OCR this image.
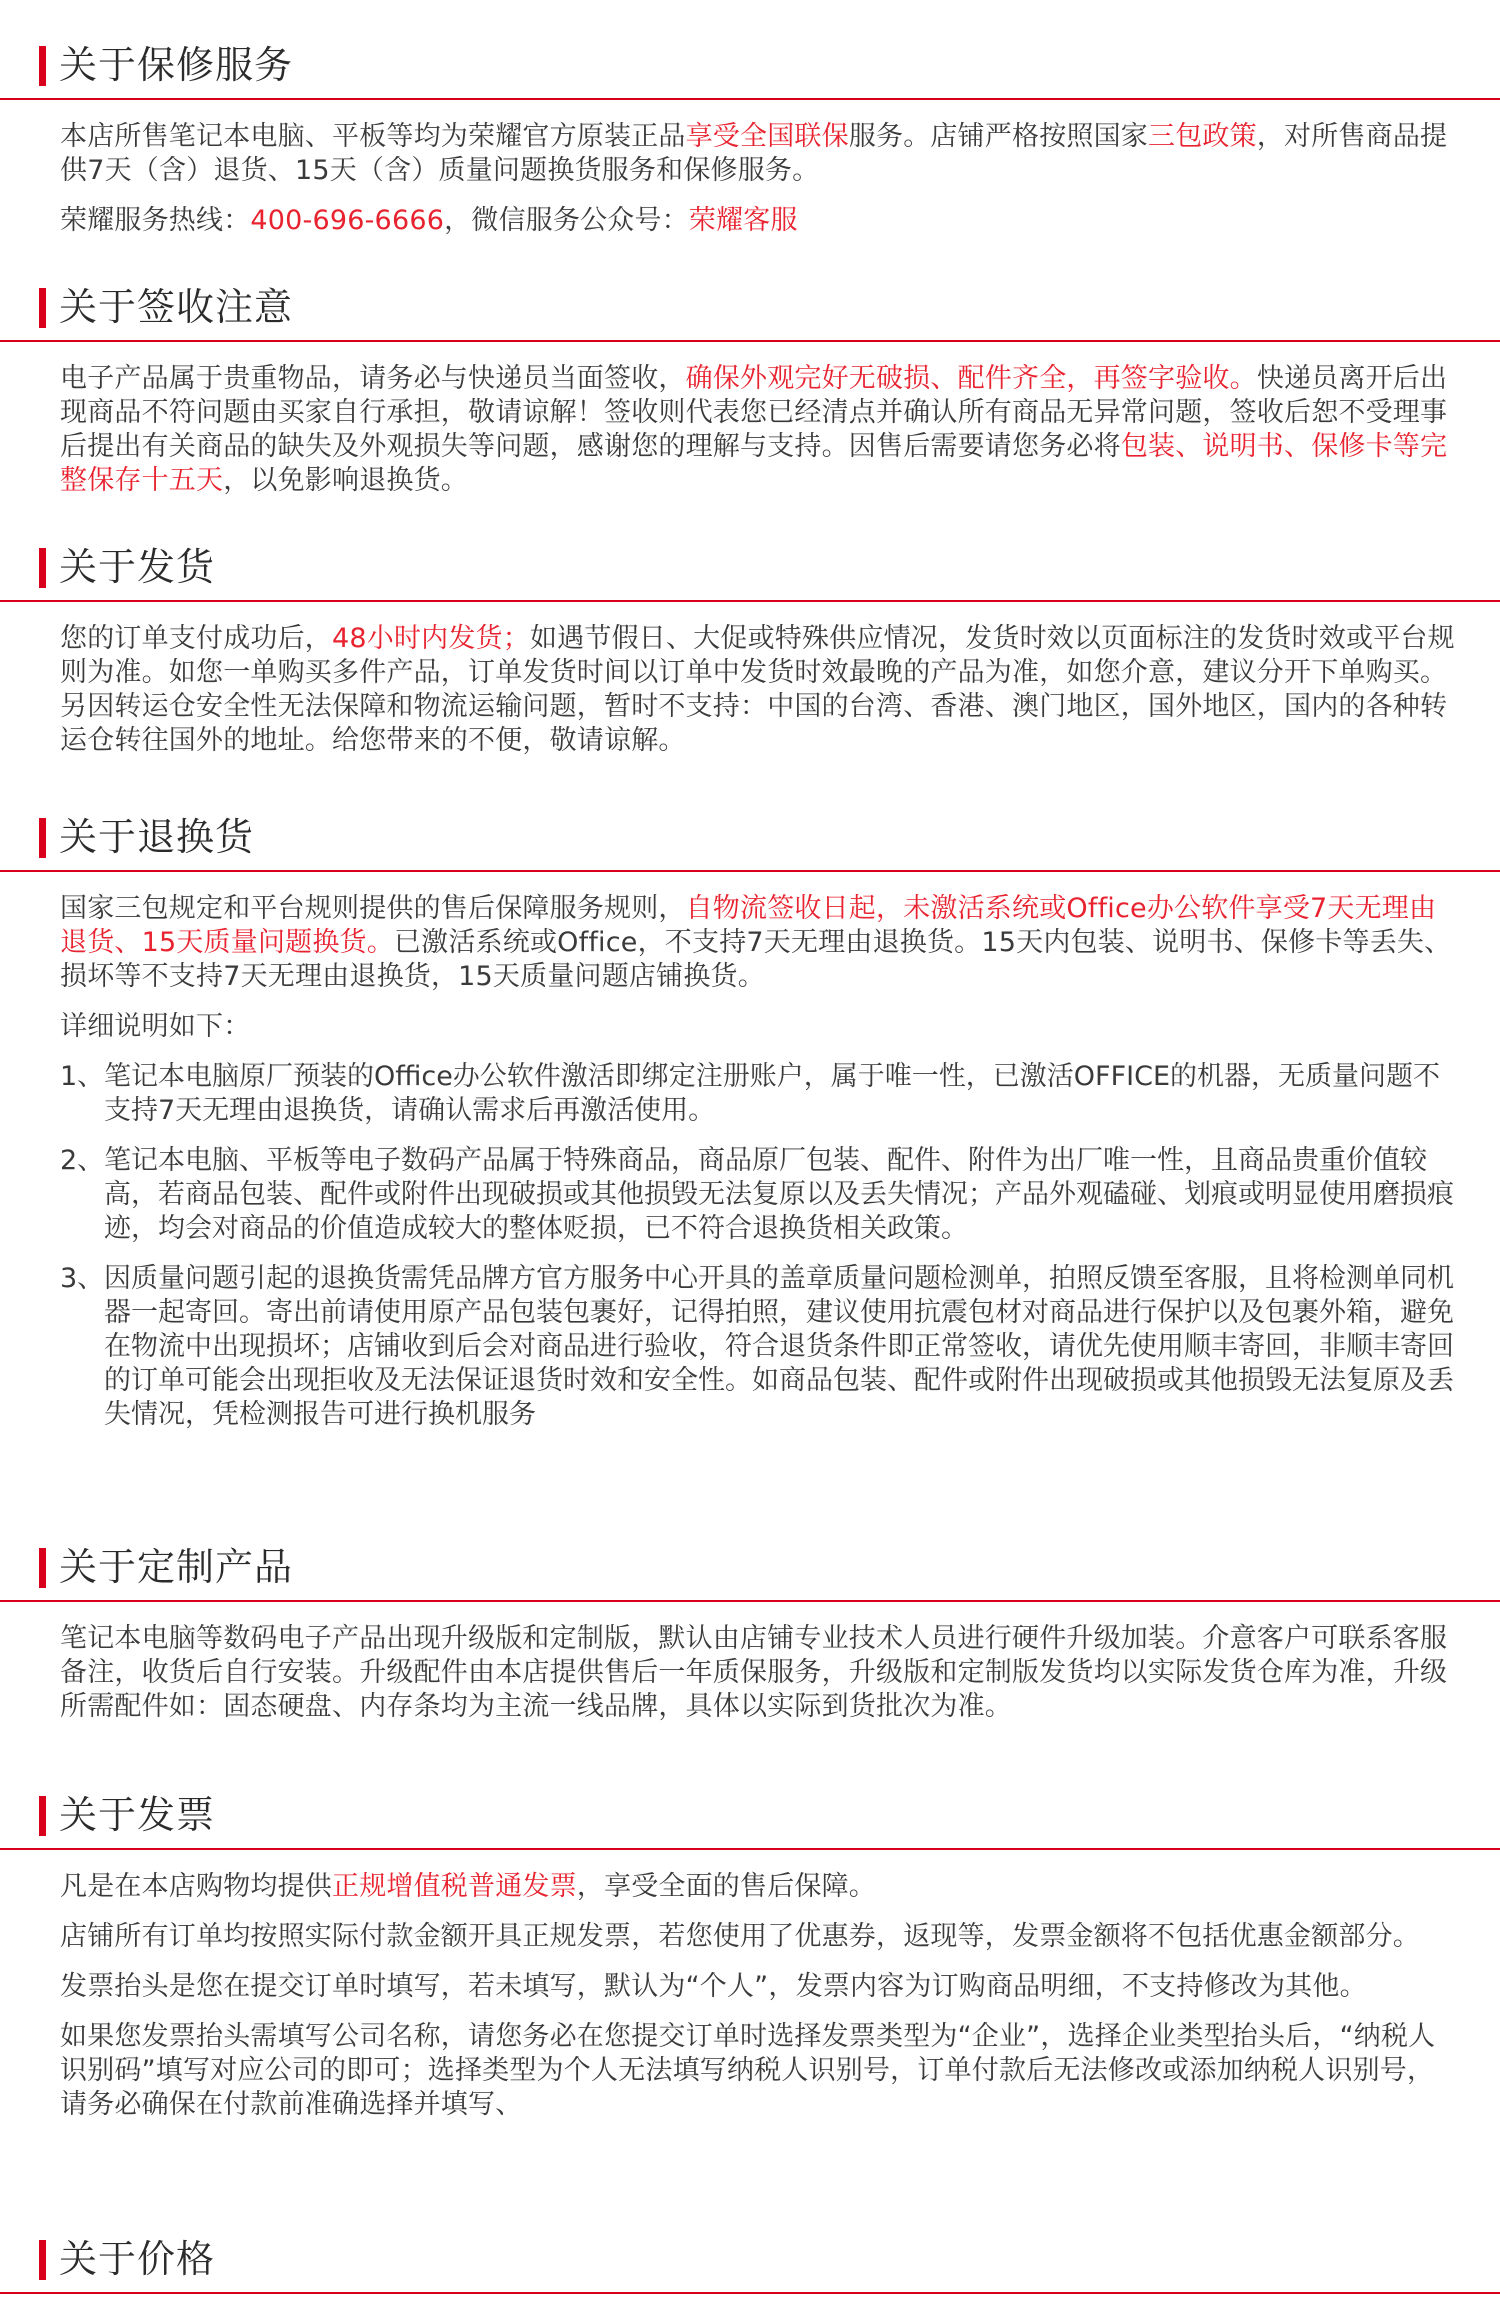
关于保修服务

本店所售笔记本电脑、平板等均为荣耀官方原装正品享受全国联保服务。店铺严格按照国家三包政策，对所售商品提供7天（含）退货、15天（含）质量问题换货服务和保修服务。

荣耀服务热线：400-696-6666，微信服务公众号：荣耀客服

关于签收注意

电子产品属于贵重物品，请务必与快递员当面签收，确保外观完好无破损、配件齐全，再签字验收。快递员离开后出现商品不符问题由买家自行承担，敬请谅解！签收则代表您已经清点并确认所有商品无异常问题，签收后恕不受理事后提出有关商品的缺失及外观损失等问题，感谢您的理解与支持。因售后需要请您务必将包装、说明书、保修卡等完整保存十五天，以免影响退换货。

关于发货

您的订单支付成功后，48小时内发货；如遇节假日、大促或特殊供应情况，发货时效以页面标注的发货时效或平台规则为准。如您一单购买多件产品，订单发货时间以订单中发货时效最晚的产品为准，如您介意，建议分开下单购买。另因转运仓安全性无法保障和物流运输问题，暂时不支持：中国的台湾、香港、澳门地区，国外地区，国内的各种转运仓转往国外的地址。给您带来的不便，敬请谅解。

关于退换货

国家三包规定和平台规则提供的售后保障服务规则，自物流签收日起，未激活系统或Office办公软件享受7天无理由退货、15天质量问题换货。已激活系统或Office，不支持7天无理由退换货。15天内包装、说明书、保修卡等丢失、损坏等不支持7天无理由退换货，15天质量问题店铺换货。

详细说明如下：

1、 笔记本电脑原厂预装的Office办公软件激活即绑定注册账户，属于唯一性，已激活OFFICE的机器，无质量问题不支持7天无理由退换货，请确认需求后再激活使用。
2、 笔记本电脑、平板等电子数码产品属于特殊商品，商品原厂包装、配件、附件为出厂唯一性，且商品贵重价值较高，若商品包装、配件或附件出现破损或其他损毁无法复原以及丢失情况；产品外观磕碰、划痕或明显使用磨损痕迹，均会对商品的价值造成较大的整体贬损，已不符合退换货相关政策。
3、 因质量问题引起的退换货需凭品牌方官方服务中心开具的盖章质量问题检测单，拍照反馈至客服，且将检测单同机器一起寄回。寄出前请使用原产品包装包裹好，记得拍照，建议使用抗震包材对商品进行保护以及包裹外箱，避免在物流中出现损坏；店铺收到后会对商品进行验收，符合退货条件即正常签收，请优先使用顺丰寄回，非顺丰寄回的订单可能会出现拒收及无法保证退货时效和安全性。如商品包装、配件或附件出现破损或其他损毁无法复原及丢失情况，凭检测报告可进行换机服务
关于定制产品

笔记本电脑等数码电子产品出现升级版和定制版，默认由店铺专业技术人员进行硬件升级加装。介意客户可联系客服备注，收货后自行安装。升级配件由本店提供售后一年质保服务，升级版和定制版发货均以实际发货仓库为准，升级所需配件如：固态硬盘、内存条均为主流一线品牌，具体以实际到货批次为准。

关于发票

凡是在本店购物均提供正规增值税普通发票，享受全面的售后保障。

店铺所有订单均按照实际付款金额开具正规发票，若您使用了优惠券，返现等，发票金额将不包括优惠金额部分。

发票抬头是您在提交订单时填写，若未填写，默认为“个人”，发票内容为订购商品明细，不支持修改为其他。

如果您发票抬头需填写公司名称，请您务必在您提交订单时选择发票类型为“企业”，选择企业类型抬头后，“纳税人识别码”填写对应公司的即可；选择类型为个人无法填写纳税人识别号，订单付款后无法修改或添加纳税人识别号，请务必确保在付款前准确选择并填写、

关于价格
